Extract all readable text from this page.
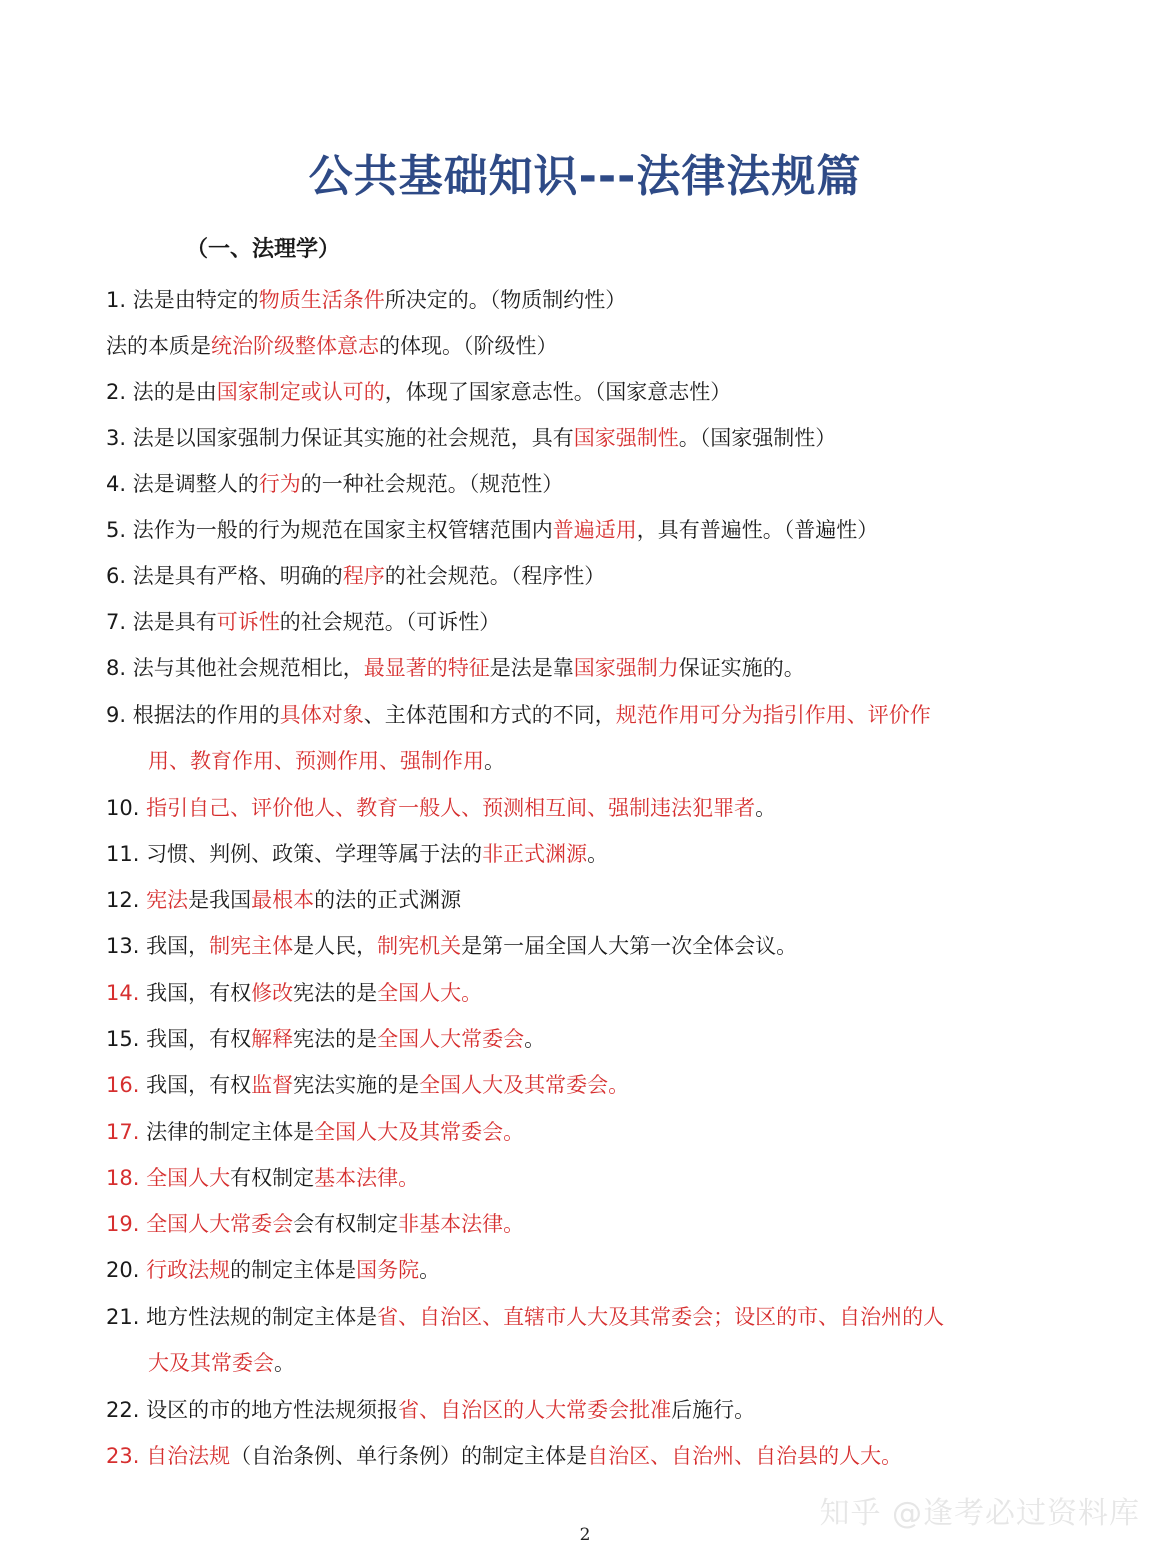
公共基础知识---法律法规篇
（一、法理学）
1. 法是由特定的物质生活条件所决定的。（物质制约性）
法的本质是统治阶级整体意志的体现。（阶级性）
2. 法的是由国家制定或认可的，体现了国家意志性。（国家意志性）
3. 法是以国家强制力保证其实施的社会规范，具有国家强制性。（国家强制性）
4. 法是调整人的行为的一种社会规范。（规范性）
5. 法作为一般的行为规范在国家主权管辖范围内普遍适用，具有普遍性。（普遍性）
6. 法是具有严格、明确的程序的社会规范。（程序性）
7. 法是具有可诉性的社会规范。（可诉性）
8. 法与其他社会规范相比，最显著的特征是法是靠国家强制力保证实施的。
9. 根据法的作用的具体对象、主体范围和方式的不同，规范作用可分为指引作用、评价作
用、教育作用、预测作用、强制作用。
10. 指引自己、评价他人、教育一般人、预测相互间、强制违法犯罪者。
11. 习惯、判例、政策、学理等属于法的非正式渊源。
12. 宪法是我国最根本的法的正式渊源
13. 我国，制宪主体是人民，制宪机关是第一届全国人大第一次全体会议。
14. 我国，有权修改宪法的是全国人大。
15. 我国，有权解释宪法的是全国人大常委会。
16. 我国，有权监督宪法实施的是全国人大及其常委会。
17. 法律的制定主体是全国人大及其常委会。
18. 全国人大有权制定基本法律。
19. 全国人大常委会会有权制定非基本法律。
20. 行政法规的制定主体是国务院。
21. 地方性法规的制定主体是省、自治区、直辖市人大及其常委会；设区的市、自治州的人
大及其常委会。
22. 设区的市的地方性法规须报省、自治区的人大常委会批准后施行。
23. 自治法规（自治条例、单行条例）的制定主体是自治区、自治州、自治县的人大。
知乎 @逢考必过资料库
2
